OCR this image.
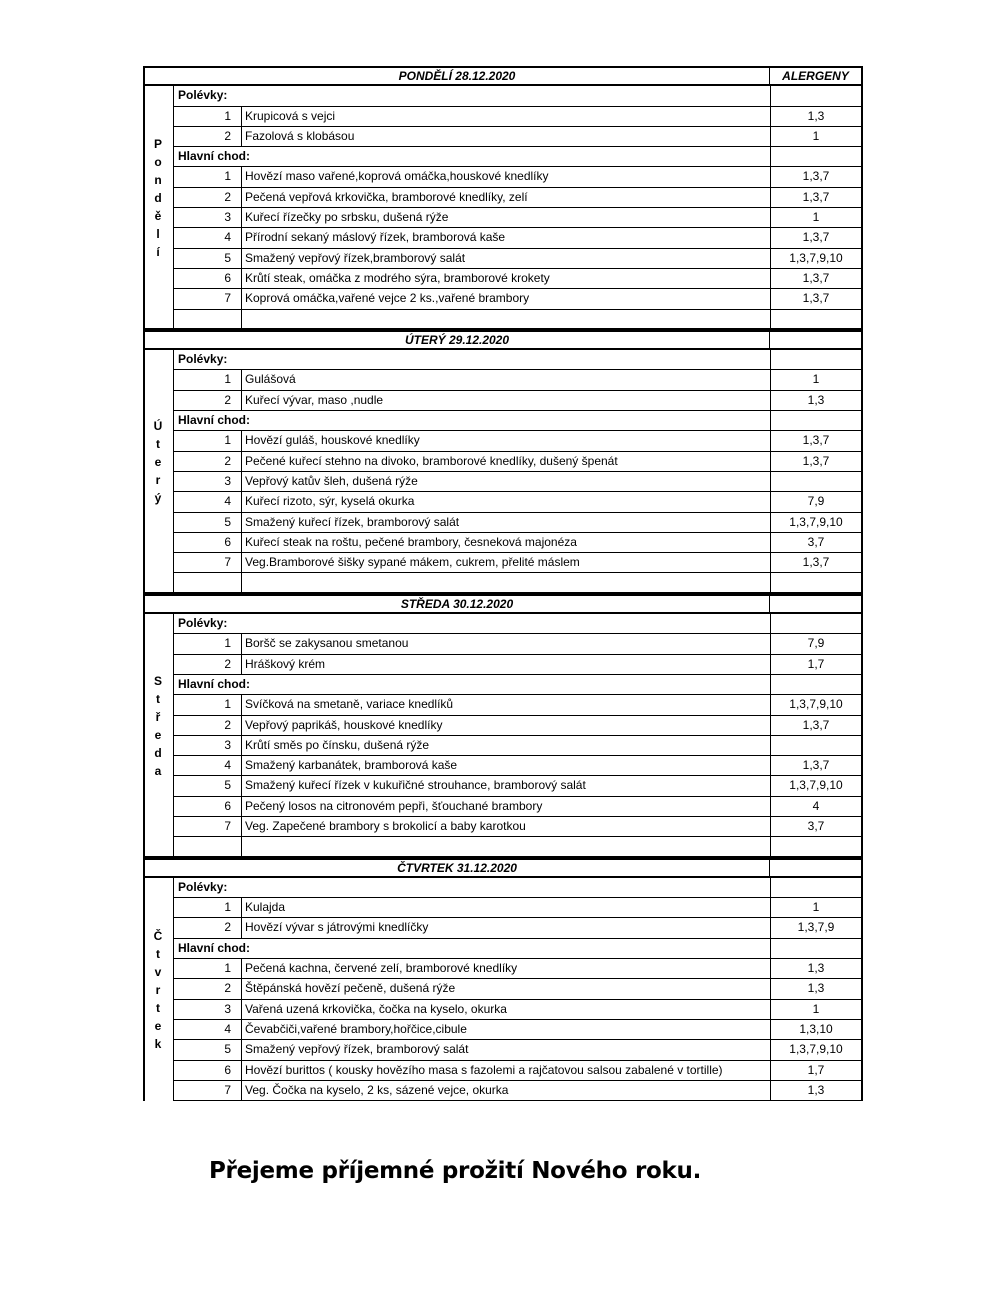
PONDĚLÍ 28.12.2020	ALERGENY
Polévky:
1	Krupicová s vejci	1,3
2	Fazolová s klobásou	1
Hlavní chod:
1	Hovězí maso vařené,koprová omáčka,houskové knedlíky	1,3,7
2	Pečená vepřová krkovička, bramborové knedlíky, zelí	1,3,7
3	Kuřecí řízečky po srbsku, dušená rýže	1
4	Přírodní sekaný máslový řízek, bramborová kaše	1,3,7
5	Smažený vepřový řízek,bramborový salát	1,3,7,9,10
6	Krůtí steak, omáčka z modrého sýra, bramborové krokety	1,3,7
7	Koprová omáčka,vařené vejce 2 ks.,vařené brambory	1,3,7
P
o
n
d
ě
l
í
ÚTERÝ 29.12.2020
Polévky:
1	Gulášová	1
2	Kuřecí vývar, maso ,nudle	1,3
Hlavní chod:
1	Hovězí guláš, houskové knedlíky	1,3,7
2	Pečené kuřecí stehno na divoko, bramborové knedlíky, dušený špenát	1,3,7
3	Vepřový katův šleh, dušená rýže
4	Kuřecí rizoto, sýr, kyselá okurka	7,9
5	Smažený kuřecí řízek, bramborový salát	1,3,7,9,10
6	Kuřecí steak na roštu, pečené brambory, česneková majonéza	3,7
7	Veg.Bramborové šišky sypané mákem, cukrem, přelité máslem	1,3,7
Ú
t
e
r
ý
STŘEDA 30.12.2020
Polévky:
1	Boršč se zakysanou smetanou	7,9
2	Hráškový krém	1,7
Hlavní chod:
1	Svíčková na smetaně, variace knedlíků	1,3,7,9,10
2	Vepřový paprikáš, houskové knedlíky	1,3,7
3	Krůtí směs po čínsku, dušená rýže
4	Smažený karbanátek, bramborová kaše	1,3,7
5	Smažený kuřecí řízek v kukuřičné strouhance, bramborový salát	1,3,7,9,10
6	Pečený losos na citronovém pepři, šťouchané brambory	4
7	Veg. Zapečené brambory s brokolicí a baby karotkou	3,7
S
t
ř
e
d
a
ČTVRTEK 31.12.2020
Polévky:
1	Kulajda	1
2	Hovězí vývar s játrovými knedlíčky	1,3,7,9
Hlavní chod:
1	Pečená kachna, červené zelí, bramborové knedlíky	1,3
2	Štěpánská hovězí pečeně, dušená rýže	1,3
3	Vařená uzená krkovička, čočka na kyselo, okurka	1
4	Čevabčiči,vařené brambory,hořčice,cibule	1,3,10
5	Smažený vepřový řízek, bramborový salát	1,3,7,9,10
6	Hovězí burittos ( kousky hovězího masa s fazolemi a rajčatovou salsou zabalené v tortille)	1,7
7	Veg. Čočka na kyselo, 2 ks, sázené vejce, okurka	1,3
Č
t
v
r
t
e
k
Přejeme příjemné prožití Nového roku.
